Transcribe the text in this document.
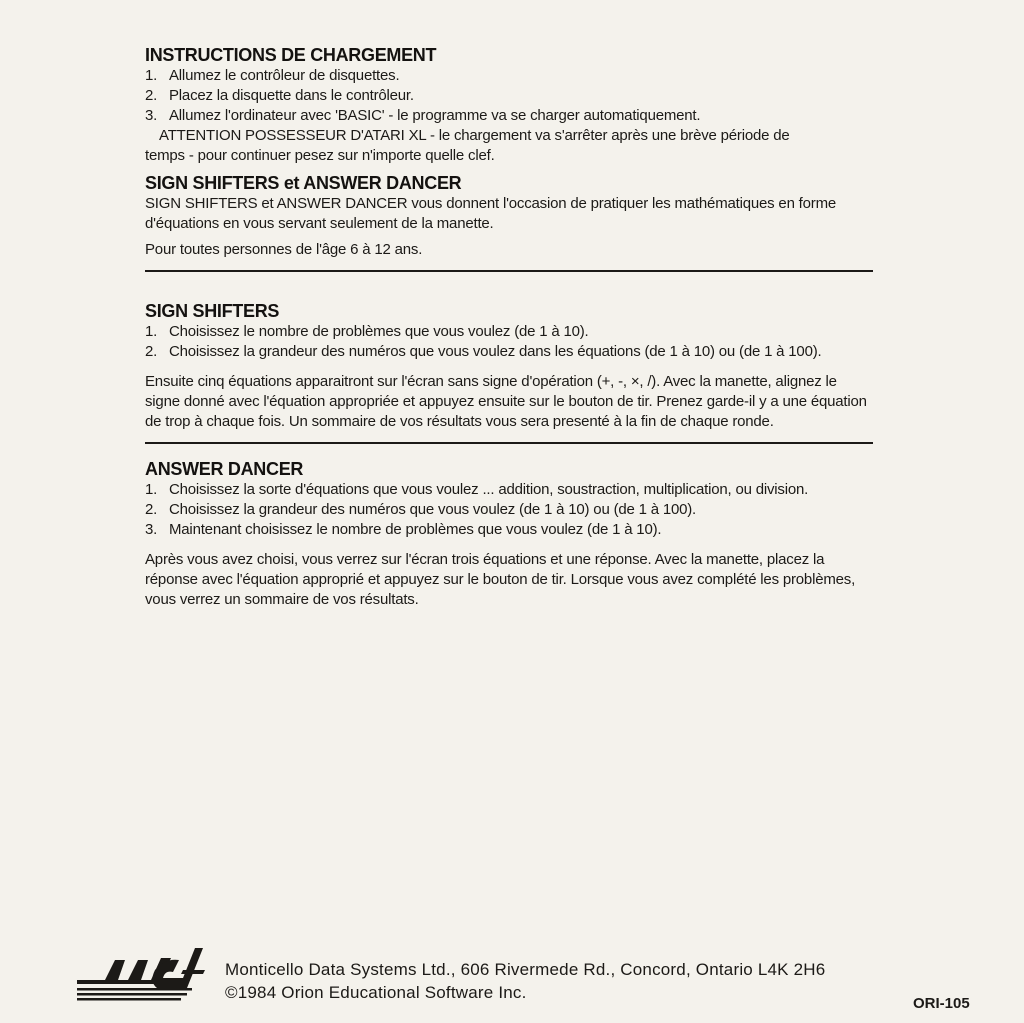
INSTRUCTIONS DE CHARGEMENT
1. Allumez le contrôleur de disquettes.
2. Placez la disquette dans le contrôleur.
3. Allumez l'ordinateur avec 'BASIC' - le programme va se charger automatiquement.

ATTENTION POSSESSEUR D'ATARI XL - le chargement va s'arrêter après une brève période de

temps - pour continuer pesez sur n'importe quelle clef.

SIGN SHIFTERS et ANSWER DANCER

SIGN SHIFTERS et ANSWER DANCER vous donnent l'occasion de pratiquer les mathématiques en forme d'équations en vous servant seulement de la manette.

Pour toutes personnes de l'âge 6 à 12 ans.

SIGN SHIFTERS
1. Choisissez le nombre de problèmes que vous voulez (de 1 à 10).
2. Choisissez la grandeur des numéros que vous voulez dans les équations (de 1 à 10) ou (de 1 à 100).

Ensuite cinq équations apparaitront sur l'écran sans signe d'opération (+, -, ×, /). Avec la manette, alignez le signe donné avec l'équation appropriée et appuyez ensuite sur le bouton de tir. Prenez garde-il y a une équation de trop à chaque fois. Un sommaire de vos résultats vous sera presenté à la fin de chaque ronde.

ANSWER DANCER
1. Choisissez la sorte d'équations que vous voulez ... addition, soustraction, multiplication, ou division.
2. Choisissez la grandeur des numéros que vous voulez (de 1 à 10) ou (de 1 à 100).
3. Maintenant choisissez le nombre de problèmes que vous voulez (de 1 à 10).

Après vous avez choisi, vous verrez sur l'écran trois équations et une réponse. Avec la manette, placez la réponse avec l'équation approprié et appuyez sur le bouton de tir. Lorsque vous avez complété les problèmes, vous verrez un sommaire de vos résultats.

Monticello Data Systems Ltd., 606 Rivermede Rd., Concord, Ontario L4K 2H6
©1984 Orion Educational Software Inc.
ORI-105
